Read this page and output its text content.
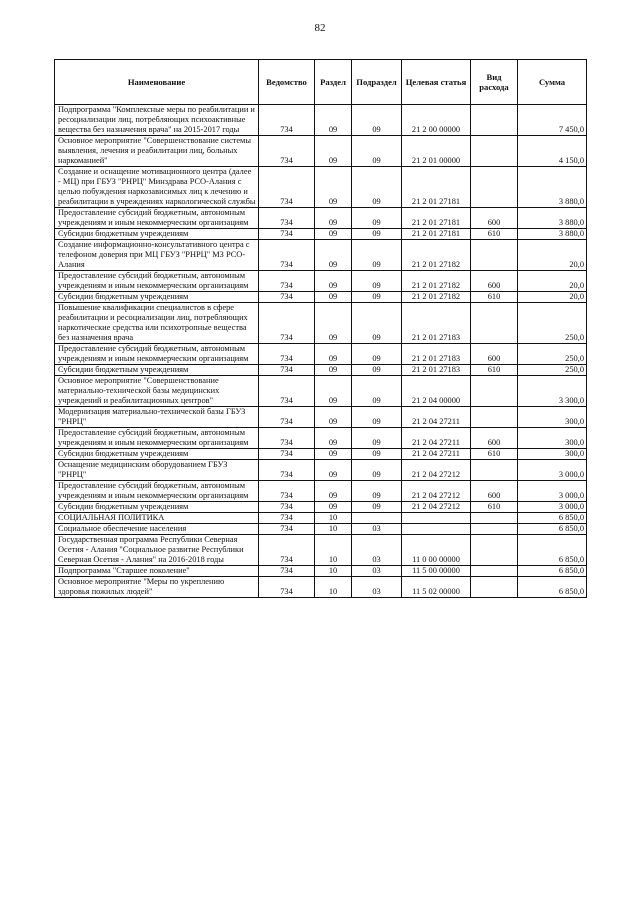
82
Наименование	Ведомство	Раздел	Подраздел	Целевая статья	Вид расхода	Сумма
Подпрограмма "Комплексные меры по реабилитации и ресоциализации лиц, потребляющих психоактивные вещества без назначения врача" на 2015-2017 годы	734	09	09	21 2 00 00000		7 450,0
Основное мероприятие "Совершенствование системы выявления, лечения и реабилитации лиц, больных наркоманией"	734	09	09	21 2 01 00000		4 150,0
Создание и оснащение мотивационного центра (далее - МЦ) при ГБУЗ "РНРЦ" Минздрава РСО-Алания с целью побуждения наркозависимых лиц к лечению и реабилитации в учреждениях наркологической службы	734	09	09	21 2 01 27181		3 880,0
Предоставление субсидий бюджетным, автономным учреждениям и иным некоммерческим организациям	734	09	09	21 2 01 27181	600	3 880,0
Субсидии бюджетным учреждениям	734	09	09	21 2 01 27181	610	3 880,0
Создание информационно-консультативного центра с телефоном доверия при МЦ ГБУЗ "РНРЦ" МЗ РСО-Алания	734	09	09	21 2 01 27182		20,0
Предоставление субсидий бюджетным, автономным учреждениям и иным некоммерческим организациям	734	09	09	21 2 01 27182	600	20,0
Субсидии бюджетным учреждениям	734	09	09	21 2 01 27182	610	20,0
Повышение квалификации специалистов в сфере реабилитации и ресоциализации лиц, потребляющих наркотические средства или психотропные вещества без назначения врача	734	09	09	21 2 01 27183		250,0
Предоставление субсидий бюджетным, автономным учреждениям и иным некоммерческим организациям	734	09	09	21 2 01 27183	600	250,0
Субсидии бюджетным учреждениям	734	09	09	21 2 01 27183	610	250,0
Основное мероприятие "Совершенствование материально-технической базы медицинских учреждений и реабилитационных центров"	734	09	09	21 2 04 00000		3 300,0
Модернизация материально-технической базы ГБУЗ "РНРЦ"	734	09	09	21 2 04 27211		300,0
Предоставление субсидий бюджетным, автономным учреждениям и иным некоммерческим организациям	734	09	09	21 2 04 27211	600	300,0
Субсидии бюджетным учреждениям	734	09	09	21 2 04 27211	610	300,0
Оснащение медицинским оборудованием ГБУЗ "РНРЦ"	734	09	09	21 2 04 27212		3 000,0
Предоставление субсидий бюджетным, автономным учреждениям и иным некоммерческим организациям	734	09	09	21 2 04 27212	600	3 000,0
Субсидии бюджетным учреждениям	734	09	09	21 2 04 27212	610	3 000,0
СОЦИАЛЬНАЯ ПОЛИТИКА	734	10				6 850,0
Социальное обеспечение населения	734	10	03			6 850,0
Государственная программа Республики Северная Осетия - Алания "Социальное развитие Республики Северная Осетия - Алания" на 2016-2018 годы	734	10	03	11 0 00 00000		6 850,0
Подпрограмма "Старшее поколение"	734	10	03	11 5 00 00000		6 850,0
Основное мероприятие "Меры по укреплению здоровья пожилых людей"	734	10	03	11 5 02 00000		6 850,0
